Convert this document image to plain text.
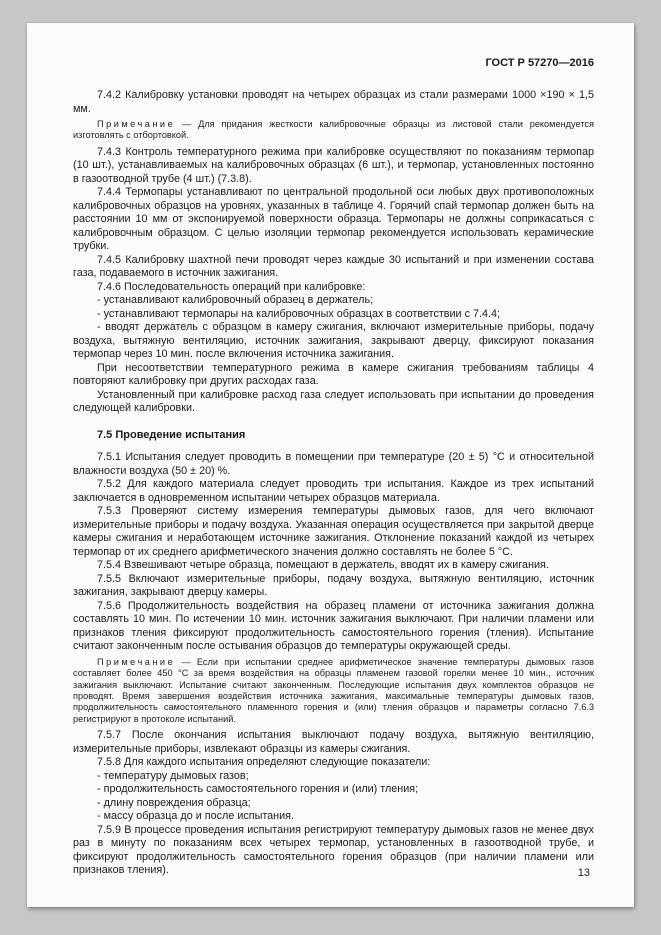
ГОСТ Р 57270—2016

7.4.2 Калибровку установки проводят на четырех образцах из стали размерами 1000 ×190 × 1,5 мм.

Примечание — Для придания жесткости калибровочные образцы из листовой стали рекомендуется изготовлять с отбортовкой.

7.4.3 Контроль температурного режима при калибровке осуществляют по показаниям термопар (10 шт.), устанавливаемых на калибровочных образцах (6 шт.), и термопар, установленных постоянно в газоотводной трубе (4 шт.) (7.3.8).

7.4.4 Термопары устанавливают по центральной продольной оси любых двух противоположных калибровочных образцов на уровнях, указанных в таблице 4. Горячий спай термопар должен быть на расстоянии 10 мм от экспонируемой поверхности образца. Термопары не должны соприкасаться с калибровочным образцом. С целью изоляции термопар рекомендуется использовать керамические трубки.

7.4.5 Калибровку шахтной печи проводят через каждые 30 испытаний и при изменении состава газа, подаваемого в источник зажигания.

7.4.6 Последовательность операций при калибровке:

- устанавливают калибровочный образец в держатель;

- устанавливают термопары на калибровочных образцах в соответствии с 7.4.4;

- вводят держатель с образцом в камеру сжигания, включают измерительные приборы, подачу воздуха, вытяжную вентиляцию, источник зажигания, закрывают дверцу, фиксируют показания термопар через 10 мин. после включения источника зажигания.

При несоответствии температурного режима в камере сжигания требованиям таблицы 4 повторяют калибровку при других расходах газа.

Установленный при калибровке расход газа следует использовать при испытании до проведения следующей калибровки.

7.5 Проведение испытания

7.5.1 Испытания следует проводить в помещении при температуре (20 ± 5) °С и относительной влажности воздуха (50 ± 20) %.

7.5.2 Для каждого материала следует проводить три испытания. Каждое из трех испытаний заключается в одновременном испытании четырех образцов материала.

7.5.3 Проверяют систему измерения температуры дымовых газов, для чего включают измерительные приборы и подачу воздуха. Указанная операция осуществляется при закрытой дверце камеры сжигания и неработающем источнике зажигания. Отклонение показаний каждой из четырех термопар от их среднего арифметического значения должно составлять не более 5 °С.

7.5.4 Взвешивают четыре образца, помещают в держатель, вводят их в камеру сжигания.

7.5.5 Включают измерительные приборы, подачу воздуха, вытяжную вентиляцию, источник зажигания, закрывают дверцу камеры.

7.5.6 Продолжительность воздействия на образец пламени от источника зажигания должна составлять 10 мин. По истечении 10 мин. источник зажигания выключают. При наличии пламени или признаков тления фиксируют продолжительность самостоятельного горения (тления). Испытание считают законченным после остывания образцов до температуры окружающей среды.

Примечание — Если при испытании среднее арифметическое значение температуры дымовых газов составляет более 450 °С за время воздействия на образцы пламенем газовой горелки менее 10 мин., источник зажигания выключают. Испытание считают законченным. Последующие испытания двух комплектов образцов не проводят. Время завершения воздействия источника зажигания, максимальные температуры дымовых газов, продолжительность самостоятельного пламенного горения и (или) тления образцов и параметры согласно 7.6.3 регистрируют в протоколе испытаний.

7.5.7 После окончания испытания выключают подачу воздуха, вытяжную вентиляцию, измерительные приборы, извлекают образцы из камеры сжигания.

7.5.8 Для каждого испытания определяют следующие показатели:

- температуру дымовых газов;

- продолжительность самостоятельного горения и (или) тления;

- длину повреждения образца;

- массу образца до и после испытания.

7.5.9 В процессе проведения испытания регистрируют температуру дымовых газов не менее двух раз в минуту по показаниям всех четырех термопар, установленных в газоотводной трубе, и фиксируют продолжительность самостоятельного горения образцов (при наличии пламени или признаков тления).	13
